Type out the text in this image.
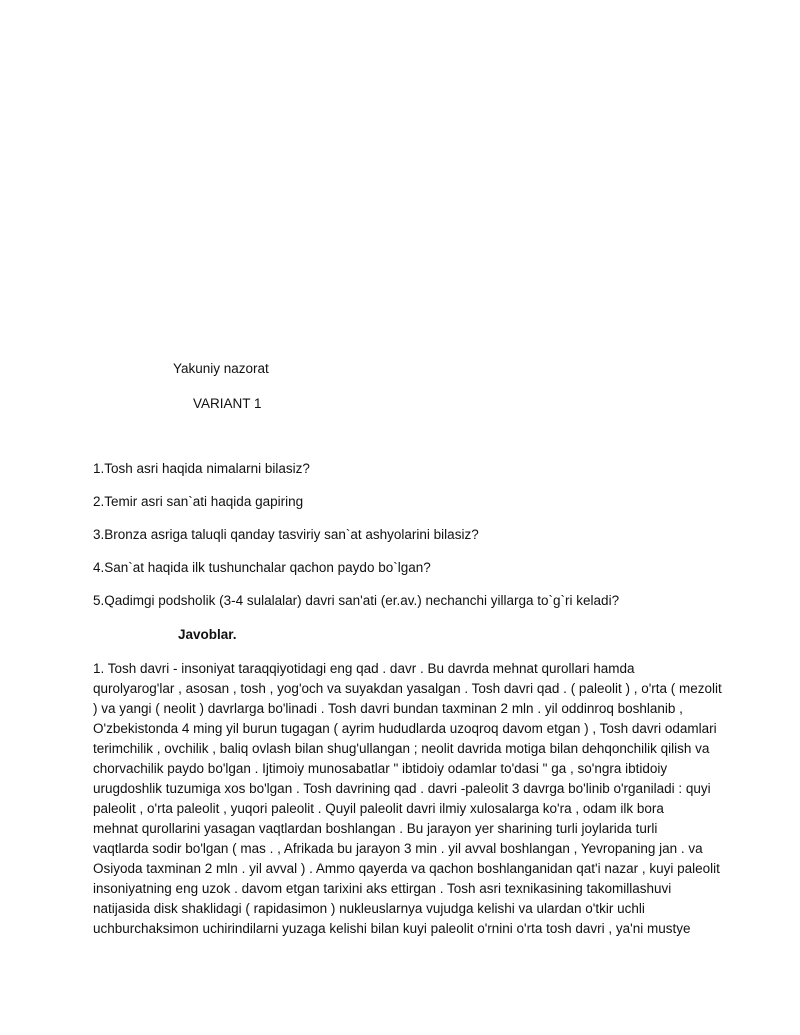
Yakuniy nazorat
VARIANT 1
1.Tosh asri haqida nimalarni bilasiz?
2.Temir asri san`ati haqida gapiring
3.Bronza asriga taluqli qanday tasviriy san`at ashyolarini bilasiz?
4.San`at haqida ilk tushunchalar qachon paydo bo`lgan?
5.Qadimgi podsholik (3-4 sulalalar) davri san'ati (er.av.) nechanchi yillarga to`g`ri keladi?
Javoblar.
1. Tosh davri - insoniyat taraqqiyotidagi eng qad . davr . Bu davrda mehnat qurollari hamda
qurolyarog'lar , asosan , tosh , yog'och va suyakdan yasalgan . Tosh davri qad . ( paleolit ) , o'rta ( mezolit
) va yangi ( neolit ) davrlarga bo'linadi . Tosh davri bundan taxminan 2 mln . yil oddinroq boshlanib ,
O'zbekistonda 4 ming yil burun tugagan ( ayrim hududlarda uzoqroq davom etgan ) , Tosh davri odamlari
terimchilik , ovchilik , baliq ovlash bilan shug'ullangan ; neolit davrida motiga bilan dehqonchilik qilish va
chorvachilik paydo bo'lgan . Ijtimoiy munosabatlar " ibtidoiy odamlar to'dasi " ga , so'ngra ibtidoiy
urugdoshlik tuzumiga xos bo'lgan . Tosh davrining qad . davri -paleolit 3 davrga bo'linib o'rganiladi : quyi
paleolit , o'rta paleolit , yuqori paleolit . Quyil paleolit davri ilmiy xulosalarga ko'ra , odam ilk bora
mehnat qurollarini yasagan vaqtlardan boshlangan . Bu jarayon yer sharining turli joylarida turli
vaqtlarda sodir bo'lgan ( mas . , Afrikada bu jarayon 3 min . yil avval boshlangan , Yevropaning jan . va
Osiyoda taxminan 2 mln . yil avval ) . Ammo qayerda va qachon boshlanganidan qat'i nazar , kuyi paleolit
insoniyatning eng uzok . davom etgan tarixini aks ettirgan . Tosh asri texnikasining takomillashuvi
natijasida disk shaklidagi ( rapidasimon ) nukleuslarnya vujudga kelishi va ulardan o'tkir uchli
uchburchaksimon uchirindilarni yuzaga kelishi bilan kuyi paleolit o'rnini o'rta tosh davri , ya'ni mustye
